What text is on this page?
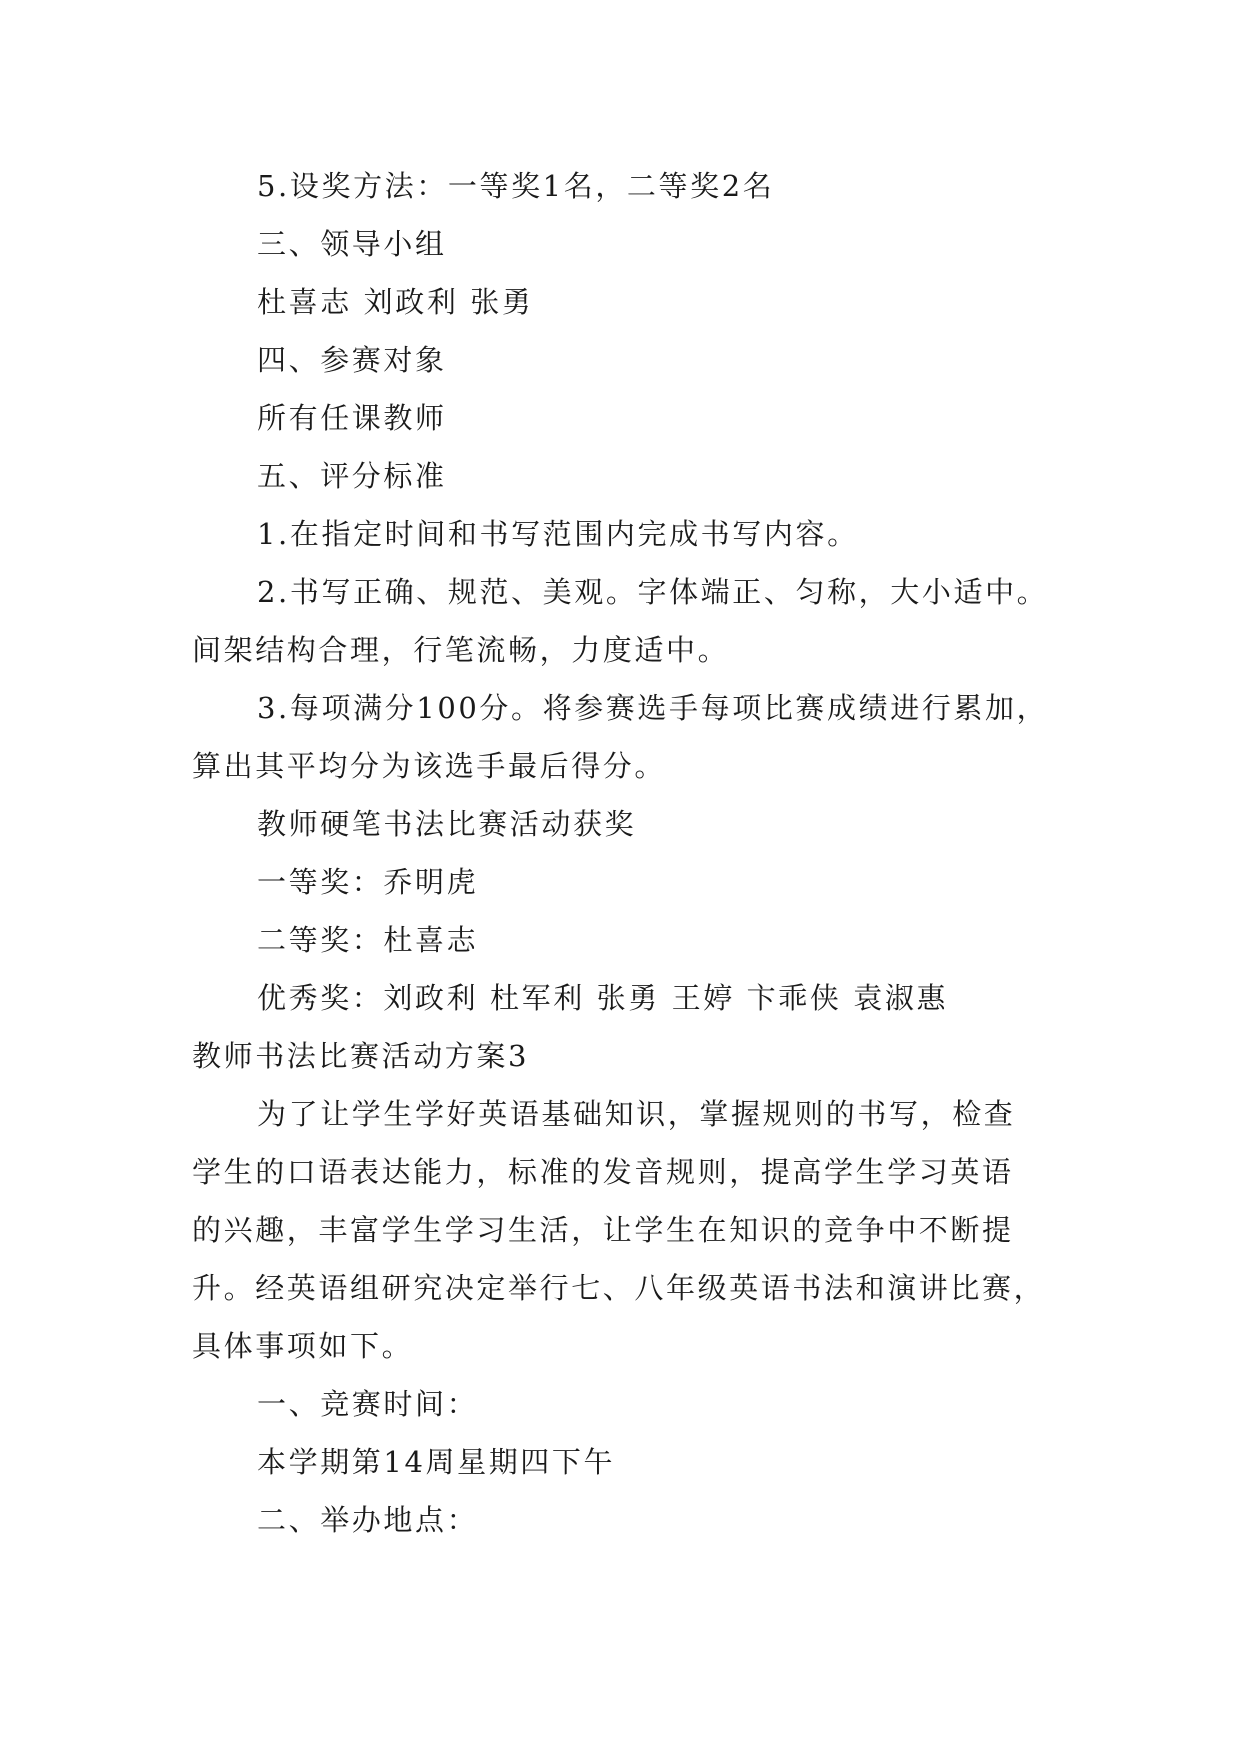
5.设奖方法：一等奖1名，二等奖2名
三、领导小组
杜喜志 刘政利 张勇
四、参赛对象
所有任课教师
五、评分标准
1.在指定时间和书写范围内完成书写内容。
2.书写正确、规范、美观。字体端正、匀称，大小适中。
间架结构合理，行笔流畅，力度适中。
3.每项满分100分。将参赛选手每项比赛成绩进行累加，
算出其平均分为该选手最后得分。
教师硬笔书法比赛活动获奖
一等奖：乔明虎
二等奖：杜喜志
优秀奖：刘政利 杜军利 张勇 王婷 卞乖侠 袁淑惠
教师书法比赛活动方案3
为了让学生学好英语基础知识，掌握规则的书写，检查
学生的口语表达能力，标准的发音规则，提高学生学习英语
的兴趣，丰富学生学习生活，让学生在知识的竞争中不断提
升。经英语组研究决定举行七、八年级英语书法和演讲比赛，
具体事项如下。
一、竞赛时间：
本学期第14周星期四下午
二、举办地点：
